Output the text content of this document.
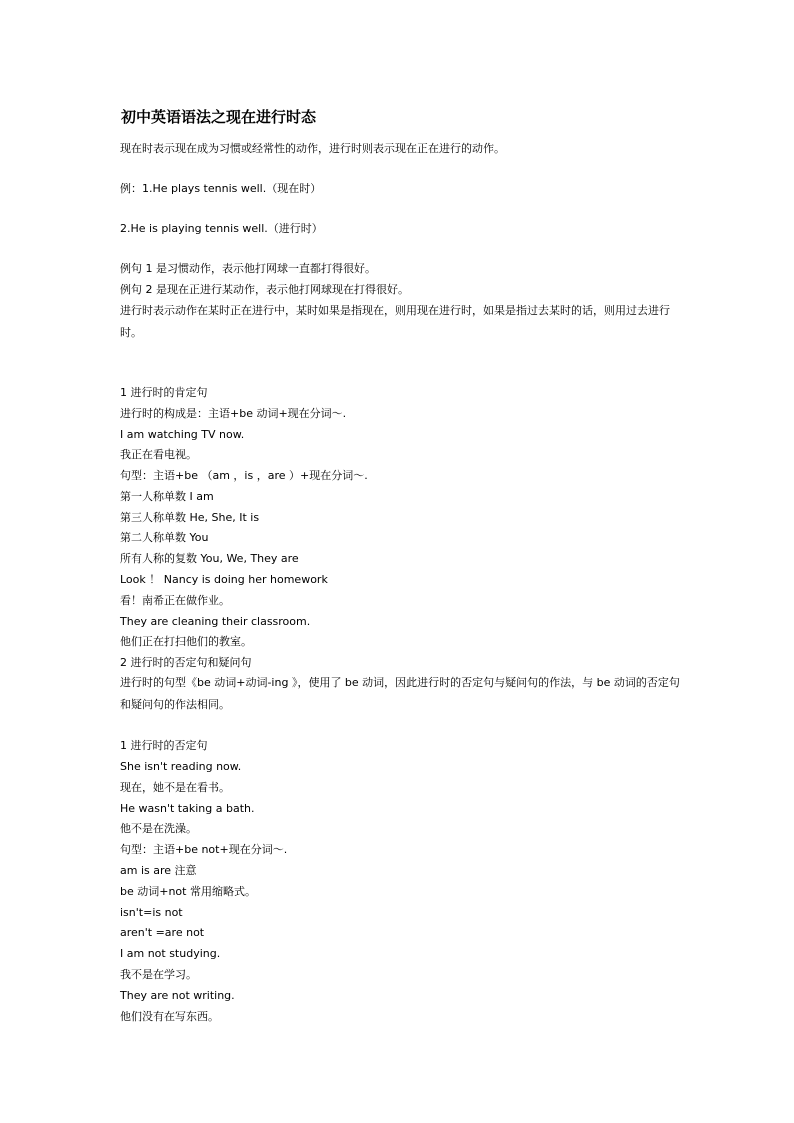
初中英语语法之现在进行时态
现在时表示现在成为习惯或经常性的动作，进行时则表示现在正在进行的动作。
例：1.He plays tennis well.（现在时）
2.He is playing tennis well.（进行时）
例句 1 是习惯动作，表示他打网球一直都打得很好。
例句 2 是现在正进行某动作，表示他打网球现在打得很好。
进行时表示动作在某时正在进行中，某时如果是指现在，则用现在进行时，如果是指过去某时的话，则用过去进行时。
1 进行时的肯定句
进行时的构成是：主语+be 动词+现在分词～.
I am watching TV now.
我正在看电视。
句型：主语+be （am ，is ，are ）+现在分词～.
第一人称单数 I am
第三人称单数 He, She, It is
第二人称单数 You
所有人称的复数 You, We, They are
Look ！ Nancy is doing her homework
看！南希正在做作业。
They are cleaning their classroom.
他们正在打扫他们的教室。
2 进行时的否定句和疑问句
进行时的句型《be 动词+动词-ing 》，使用了 be 动词，因此进行时的否定句与疑问句的作法，与 be 动词的否定句和疑问句的作法相同。
1 进行时的否定句
She isn't reading now.
现在，她不是在看书。
He wasn't taking a bath.
他不是在洗澡。
句型：主语+be not+现在分词～.
am is are 注意
be 动词+not 常用缩略式。
isn't=is not
aren't =are not
I am not studying.
我不是在学习。
They are not writing.
他们没有在写东西。
